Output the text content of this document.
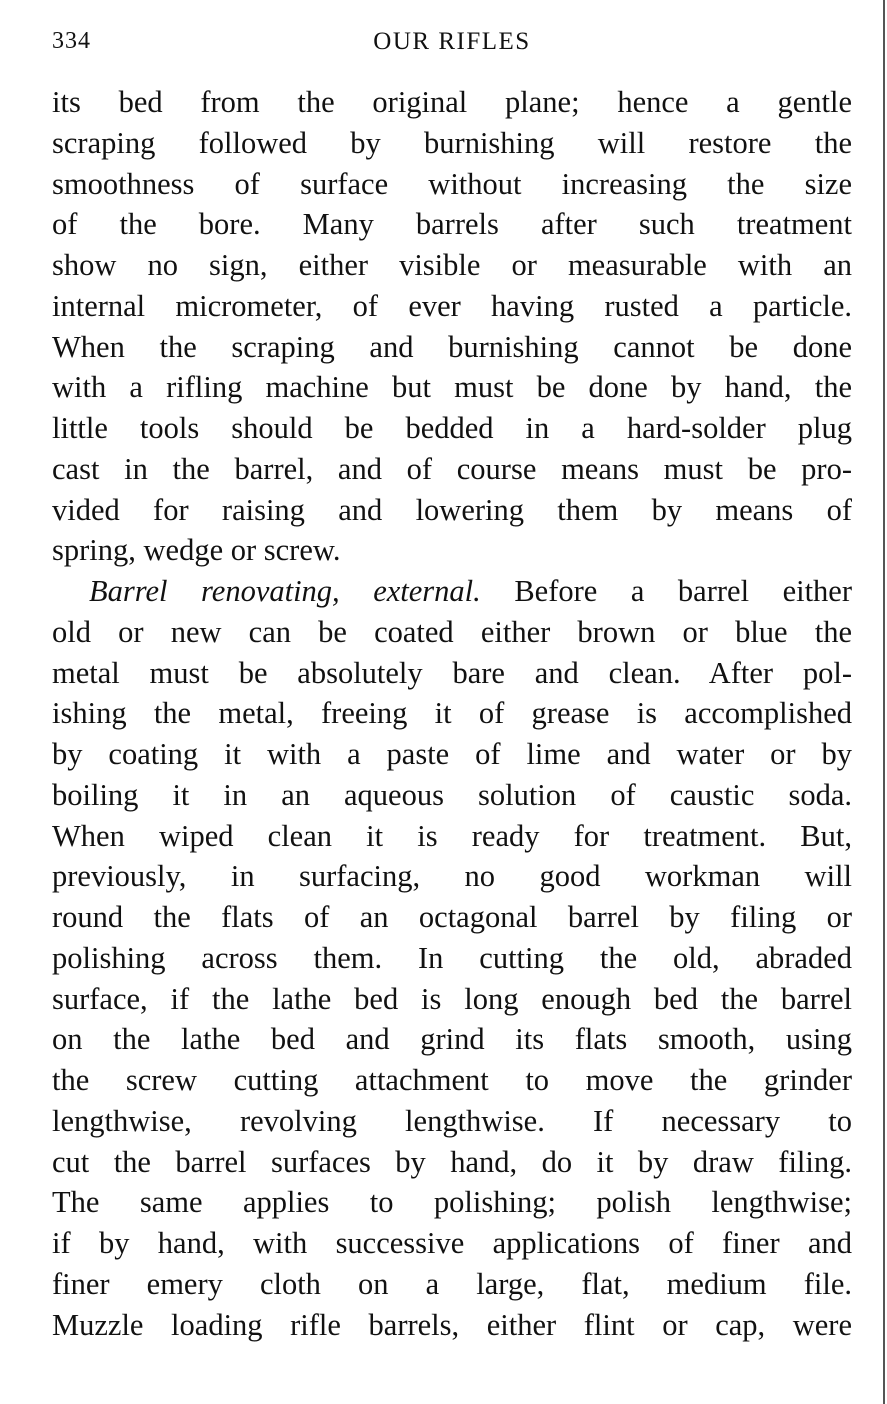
334	OUR RIFLES
its bed from the original plane; hence a gentle
scraping followed by burnishing will restore the
smoothness of surface without increasing the size
of the bore. Many barrels after such treatment
show no sign, either visible or measurable with an
internal micrometer, of ever having rusted a particle.
When the scraping and burnishing cannot be done
with a rifling machine but must be done by hand, the
little tools should be bedded in a hard-solder plug
cast in the barrel, and of course means must be pro-
vided for raising and lowering them by means of
spring, wedge or screw.
Barrel renovating, external. Before a barrel either
old or new can be coated either brown or blue the
metal must be absolutely bare and clean. After pol-
ishing the metal, freeing it of grease is accomplished
by coating it with a paste of lime and water or by
boiling it in an aqueous solution of caustic soda.
When wiped clean it is ready for treatment. But,
previously, in surfacing, no good workman will
round the flats of an octagonal barrel by filing or
polishing across them. In cutting the old, abraded
surface, if the lathe bed is long enough bed the barrel
on the lathe bed and grind its flats smooth, using
the screw cutting attachment to move the grinder
lengthwise, revolving lengthwise. If necessary to
cut the barrel surfaces by hand, do it by draw filing.
The same applies to polishing; polish lengthwise;
if by hand, with successive applications of finer and
finer emery cloth on a large, flat, medium file.
Muzzle loading rifle barrels, either flint or cap, were
